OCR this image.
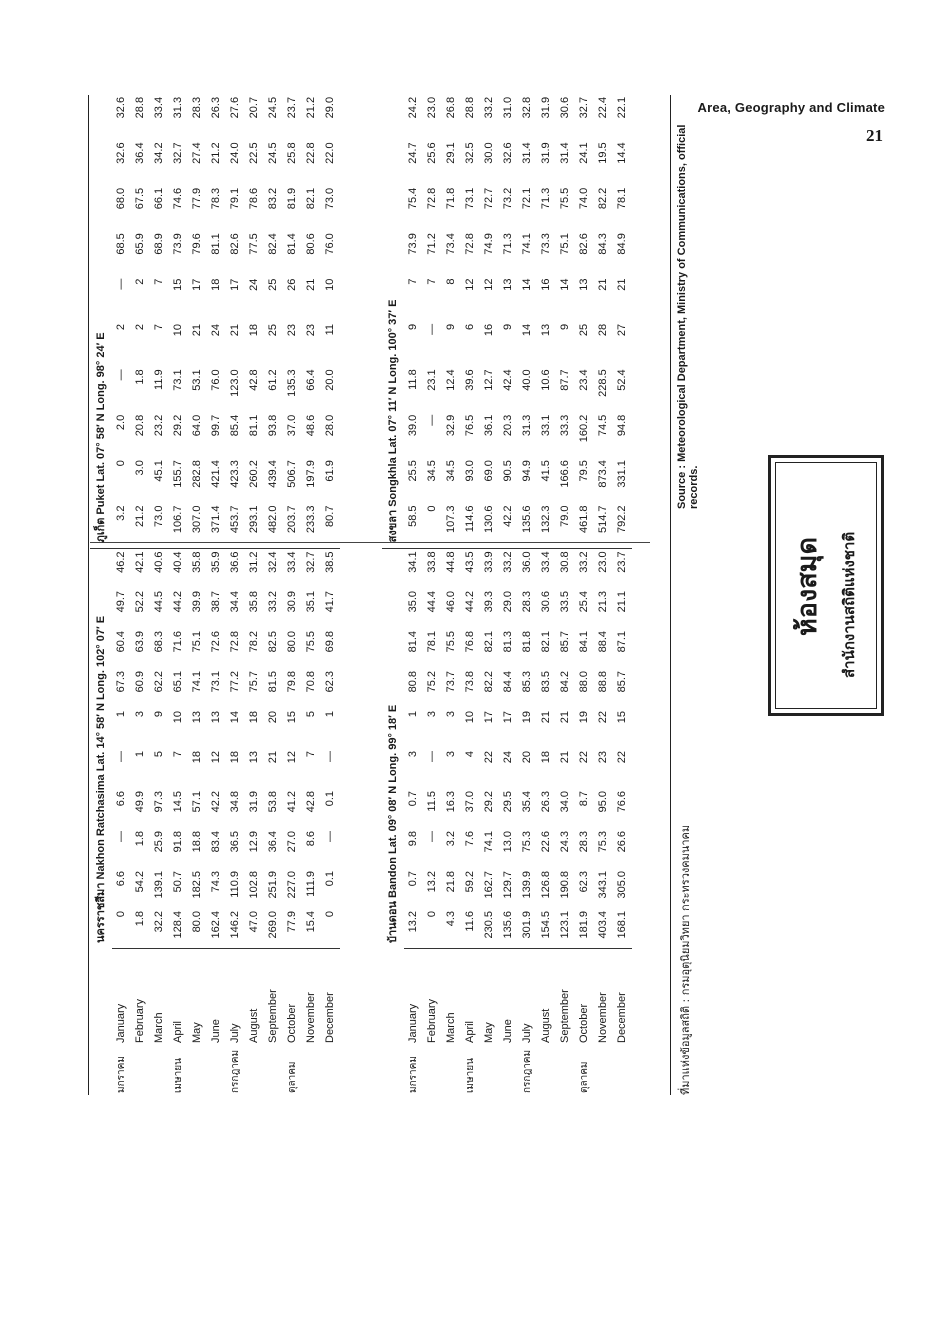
Area, Geography and Climate
21
		นครราชสีมา Nakhon Ratchasima Lat. 14° 58′ N Long. 102° 07′ E										ภูเก็ต Puket Lat. 07° 58′ N Long. 98° 24′ E									
มกราคม	January	0	6.6	—	6.6	—	1	67.3	60.4	49.7	46.2	3.2	0	2.0	—	2	—	68.5	68.0	32.6	32.6
	February	1.8	54.2	1.8	49.9	1	3	60.9	63.9	52.2	42.1	21.2	3.0	20.8	1.8	2	2	65.9	67.5	36.4	28.8
	March	32.2	139.1	25.9	97.3	5	9	62.2	68.3	44.5	40.6	73.0	45.1	23.2	11.9	7	7	68.9	66.1	34.2	33.4
เมษายน	April	128.4	50.7	91.8	14.5	7	10	65.1	71.6	44.2	40.4	106.7	155.7	29.2	73.1	10	15	73.9	74.6	32.7	31.3
	May	80.0	182.5	18.8	57.1	18	13	74.1	75.1	39.9	35.8	307.0	282.8	64.0	53.1	21	17	79.6	77.9	27.4	28.3
	June	162.4	74.3	83.4	42.2	12	13	73.1	72.6	38.7	35.9	371.4	421.4	99.7	76.0	24	18	81.1	78.3	21.2	26.3
กรกฎาคม	July	146.2	110.9	36.5	34.8	18	14	77.2	72.8	34.4	36.6	453.7	423.3	85.4	123.0	21	17	82.6	79.1	24.0	27.6
	August	47.0	102.8	12.9	31.9	13	18	75.7	78.2	35.8	31.2	293.1	260.2	81.1	42.8	18	24	77.5	78.6	22.5	20.7
	September	269.0	251.9	36.4	53.8	21	20	81.5	82.5	33.2	32.4	482.0	439.4	93.8	61.2	25	25	82.4	83.2	24.5	24.5
ตุลาคม	October	77.9	227.0	27.0	41.2	12	15	79.8	80.0	30.9	33.4	203.7	506.7	37.0	135.3	23	26	81.4	81.9	25.8	23.7
	November	15.4	111.9	8.6	42.8	7	5	70.8	75.5	35.1	32.7	233.3	197.9	48.6	66.4	23	21	80.6	82.1	22.8	21.2
	December	0	0.1	—	0.1	—	1	62.3	69.8	41.7	38.5	80.7	61.9	28.0	20.0	11	10	76.0	73.0	22.0	29.0
		บ้านดอน Bandon Lat. 09° 08′ N Long. 99° 18′ E										สงขลา Songkhla Lat. 07° 11′ N Long. 100° 37′ E									
มกราคม	January	13.2	0.7	9.8	0.7	3	1	80.8	81.4	35.0	34.1	58.5	25.5	39.0	11.8	9	7	73.9	75.4	24.7	24.2
	February	0	13.2	—	11.5	—	3	75.2	78.1	44.4	33.8	0	34.5	—	23.1	—	7	71.2	72.8	25.6	23.0
	March	4.3	21.8	3.2	16.3	3	3	73.7	75.5	46.0	44.8	107.3	34.5	32.9	12.4	9	8	73.4	71.8	29.1	26.8
เมษายน	April	11.6	59.2	7.6	37.0	4	10	73.8	76.8	44.2	43.5	114.6	93.0	76.5	39.6	6	12	72.8	73.1	32.5	28.8
	May	230.5	162.7	74.1	29.2	22	17	82.2	82.1	39.3	33.9	130.6	69.0	36.1	12.7	16	12	74.9	72.7	30.0	33.2
	June	135.6	129.7	13.0	29.5	24	17	84.4	81.3	29.0	33.2	42.2	90.5	20.3	42.4	9	13	71.3	73.2	32.6	31.0
กรกฎาคม	July	301.9	139.9	75.3	35.4	20	19	85.3	81.8	28.3	36.0	135.6	94.9	31.3	40.0	14	14	74.1	72.1	31.4	32.8
	August	154.5	126.8	22.6	26.3	18	21	83.5	82.1	30.6	33.4	132.3	41.5	33.1	10.6	13	16	73.3	71.3	31.9	31.9
	September	123.1	190.8	24.3	34.0	21	21	84.2	85.7	33.5	30.8	79.0	166.6	33.3	87.7	9	14	75.1	75.5	31.4	30.6
ตุลาคม	October	181.9	62.3	28.3	8.7	22	19	88.0	84.1	25.4	33.2	461.8	79.5	160.2	23.4	25	13	82.6	74.0	24.1	32.7
	November	403.4	343.1	75.3	95.0	23	22	88.8	88.4	21.3	23.0	514.7	873.4	74.5	228.5	28	21	84.3	82.2	19.5	22.4
	December	168.1	305.0	26.6	76.6	22	15	85.7	87.1	21.1	23.7	792.2	331.1	94.8	52.4	27	21	84.9	78.1	14.4	22.1
ที่มาแห่งข้อมูลสถิติ : กรมอุตุนิยมวิทยา กระทรวงคมนาคม
Source : Meteorological Department, Ministry of Communications, official records.
ห้องสมุด	สำนักงานสถิติแห่งชาติ
